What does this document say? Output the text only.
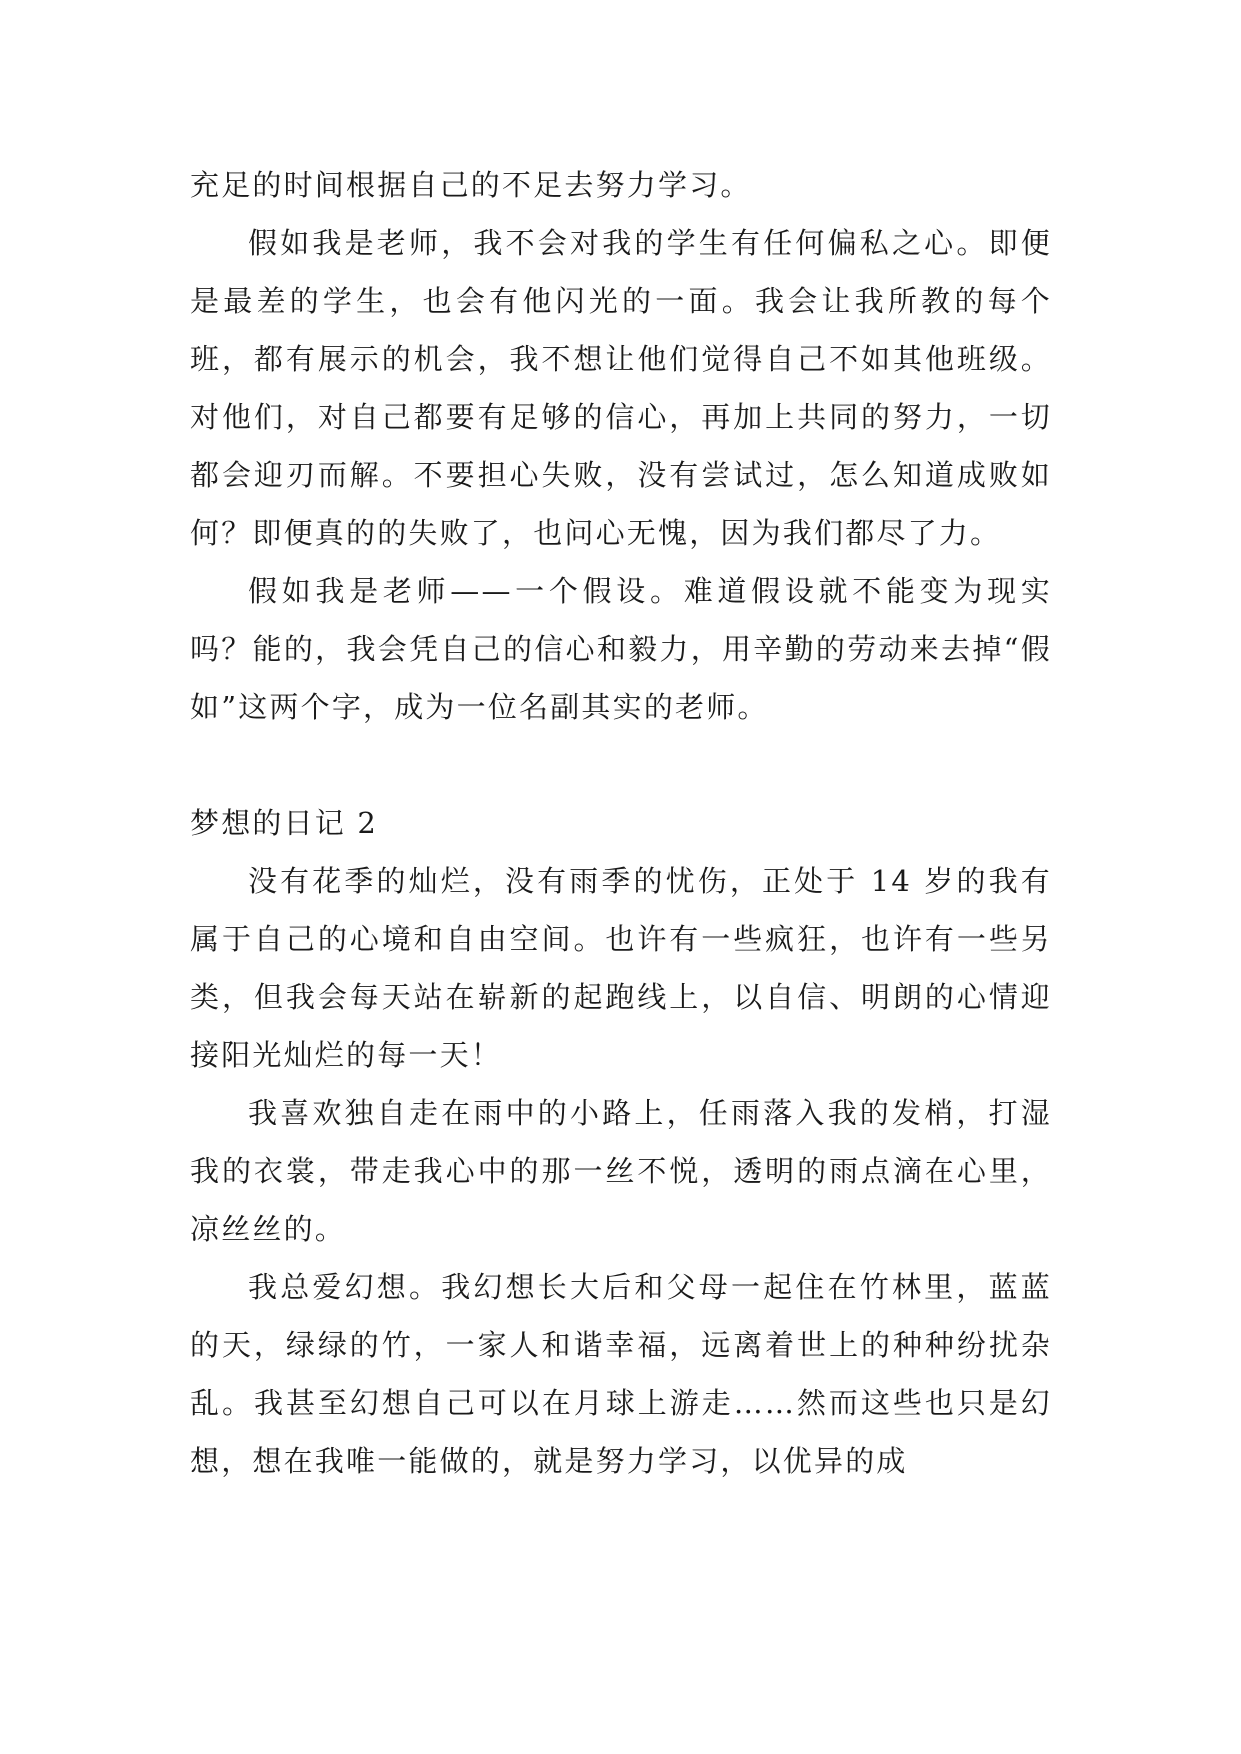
充足的时间根据自己的不足去努力学习。

假如我是老师，我不会对我的学生有任何偏私之心。即便是最差的学生，也会有他闪光的一面。我会让我所教的每个班，都有展示的机会，我不想让他们觉得自己不如其他班级。对他们，对自己都要有足够的信心，再加上共同的努力，一切都会迎刃而解。不要担心失败，没有尝试过，怎么知道成败如何？即便真的的失败了，也问心无愧，因为我们都尽了力。

假如我是老师——一个假设。难道假设就不能变为现实吗？能的，我会凭自己的信心和毅力，用辛勤的劳动来去掉“假如”这两个字，成为一位名副其实的老师。

梦想的日记 2

没有花季的灿烂，没有雨季的忧伤，正处于 14 岁的我有属于自己的心境和自由空间。也许有一些疯狂，也许有一些另类，但我会每天站在崭新的起跑线上，以自信、明朗的心情迎接阳光灿烂的每一天！

我喜欢独自走在雨中的小路上，任雨落入我的发梢，打湿我的衣裳，带走我心中的那一丝不悦，透明的雨点滴在心里，凉丝丝的。

我总爱幻想。我幻想长大后和父母一起住在竹林里，蓝蓝的天，绿绿的竹，一家人和谐幸福，远离着世上的种种纷扰杂乱。我甚至幻想自己可以在月球上游走……然而这些也只是幻想，想在我唯一能做的，就是努力学习，以优异的成
